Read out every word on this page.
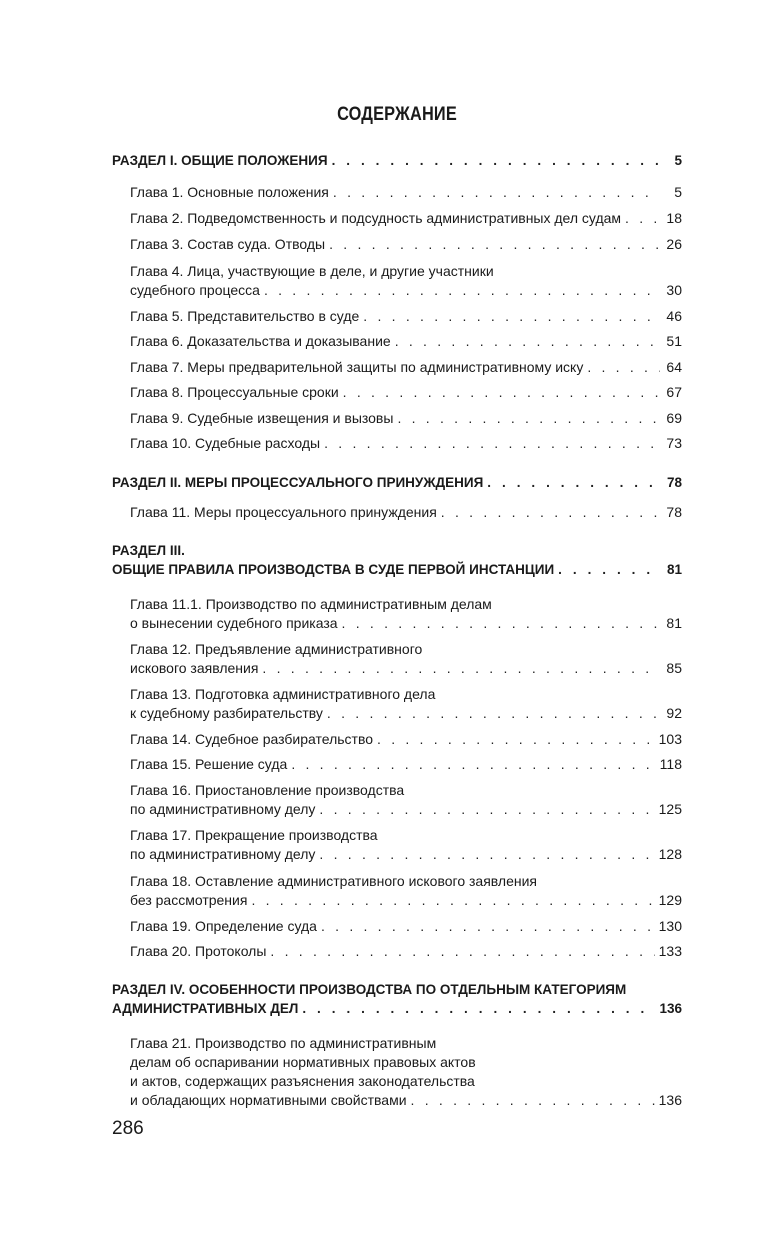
СОДЕРЖАНИЕ
РАЗДЕЛ I. ОБЩИЕ ПОЛОЖЕНИЯ . . .	5
Глава 1. Основные положения . . .	5
Глава 2. Подведомственность и подсудность административных дел судам . . .	18
Глава 3. Состав суда. Отводы . . .	26
Глава 4. Лица, участвующие в деле, и другие участники
судебного процесса . . .	30
Глава 5. Представительство в суде . . .	46
Глава 6. Доказательства и доказывание . . .	51
Глава 7. Меры предварительной защиты по административному иску . . .	64
Глава 8. Процессуальные сроки . . .	67
Глава 9. Судебные извещения и вызовы . . .	69
Глава 10. Судебные расходы . . .	73
РАЗДЕЛ II. МЕРЫ ПРОЦЕССУАЛЬНОГО ПРИНУЖДЕНИЯ . . .	78
Глава 11. Меры процессуального принуждения . . .	78
РАЗДЕЛ III.
ОБЩИЕ ПРАВИЛА ПРОИЗВОДСТВА В СУДЕ ПЕРВОЙ ИНСТАНЦИИ . . .	81
Глава 11.1. Производство по административным делам
о вынесении судебного приказа . . .	81
Глава 12. Предъявление административного
искового заявления . . .	85
Глава 13. Подготовка административного дела
к судебному разбирательству . . .	92
Глава 14. Судебное разбирательство . . .	103
Глава 15. Решение суда . . .	118
Глава 16. Приостановление производства
по административному делу . . .	125
Глава 17. Прекращение производства
по административному делу . . .	128
Глава 18. Оставление административного искового заявления
без рассмотрения . . .	129
Глава 19. Определение суда . . .	130
Глава 20. Протоколы . . .	133
РАЗДЕЛ IV. ОСОБЕННОСТИ ПРОИЗВОДСТВА ПО ОТДЕЛЬНЫМ КАТЕГОРИЯМ
АДМИНИСТРАТИВНЫХ ДЕЛ . . .	136
Глава 21. Производство по административным
делам об оспаривании нормативных правовых актов
и актов, содержащих разъяснения законодательства
и обладающих нормативными свойствами . . .	136
286
